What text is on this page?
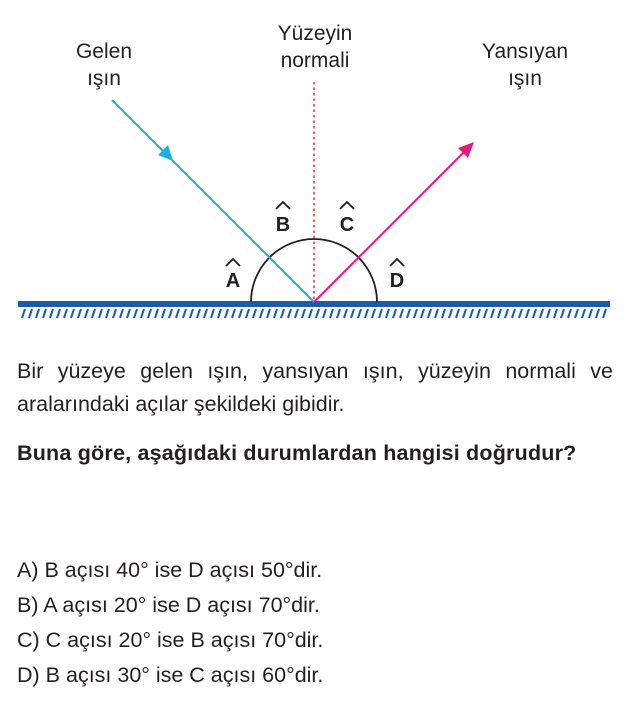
Gelen
ışın
Yüzeyin
normali	Yansıyan
ışın
A
B C
D
Bir yüzeye gelen ışın, yansıyan ışın, yüzeyin normali ve aralarındaki açılar şekildeki gibidir.
Buna göre, aşağıdaki durumlardan hangisi doğrudur?
A) B açısı 40° ise D açısı 50°dir.
B) A açısı 20° ise D açısı 70°dir.
C) C açısı 20° ise B açısı 70°dir.
D) B açısı 30° ise C açısı 60°dir.
